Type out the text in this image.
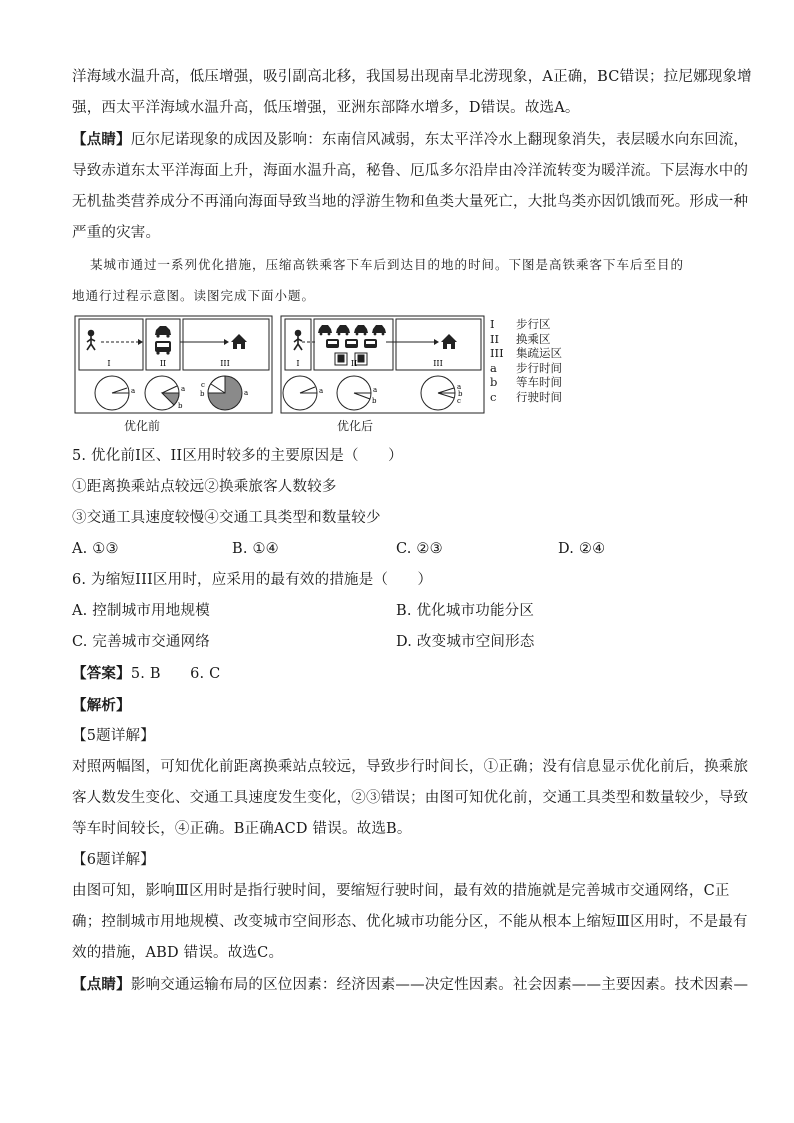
洋海域水温升高，低压增强，吸引副高北移，我国易出现南旱北涝现象，A正确，BC错误；拉尼娜现象增
强，西太平洋海域水温升高，低压增强，亚洲东部降水增多，D错误。故选A。
【点睛】厄尔尼诺现象的成因及影响：东南信风减弱，东太平洋冷水上翻现象消失，表层暖水向东回流，
导致赤道东太平洋海面上升，海面水温升高，秘鲁、厄瓜多尔沿岸由冷洋流转变为暖洋流。下层海水中的
无机盐类营养成分不再涌向海面导致当地的浮游生物和鱼类大量死亡，大批鸟类亦因饥饿而死。形成一种
严重的灾害。
某城市通过一系列优化措施，压缩高铁乘客下车后到达目的地的时间。下图是高铁乘客下车后至目的
地通行过程示意图。读图完成下面小题。
I	II	III
a	a
b
c
b	a
I	II	III
a	a
b
a
b
c
I	步行区
II	换乘区
III	集疏运区
a	步行时间
b	等车时间
c	行驶时间
优化前	优化后
5. 优化前Ⅰ区、II区用时较多的主要原因是（　　）
①距离换乘站点较远②换乘旅客人数较多
③交通工具速度较慢④交通工具类型和数量较少
A. ①③	B. ①④	C. ②③	D. ②④
6. 为缩短III区用时，应采用的最有效的措施是（　　）
A. 控制城市用地规模	B. 优化城市功能分区
C. 完善城市交通网络	D. 改变城市空间形态
【答案】5. B　　6. C
【解析】
【5题详解】
对照两幅图，可知优化前距离换乘站点较远，导致步行时间长，①正确；没有信息显示优化前后，换乘旅
客人数发生变化、交通工具速度发生变化，②③错误；由图可知优化前，交通工具类型和数量较少，导致
等车时间较长，④正确。B正确ACD 错误。故选B。
【6题详解】
由图可知，影响Ⅲ区用时是指行驶时间，要缩短行驶时间，最有效的措施就是完善城市交通网络，C正
确；控制城市用地规模、改变城市空间形态、优化城市功能分区，不能从根本上缩短Ⅲ区用时，不是最有
效的措施，ABD 错误。故选C。
【点睛】影响交通运输布局的区位因素：经济因素——决定性因素。社会因素——主要因素。技术因素—
